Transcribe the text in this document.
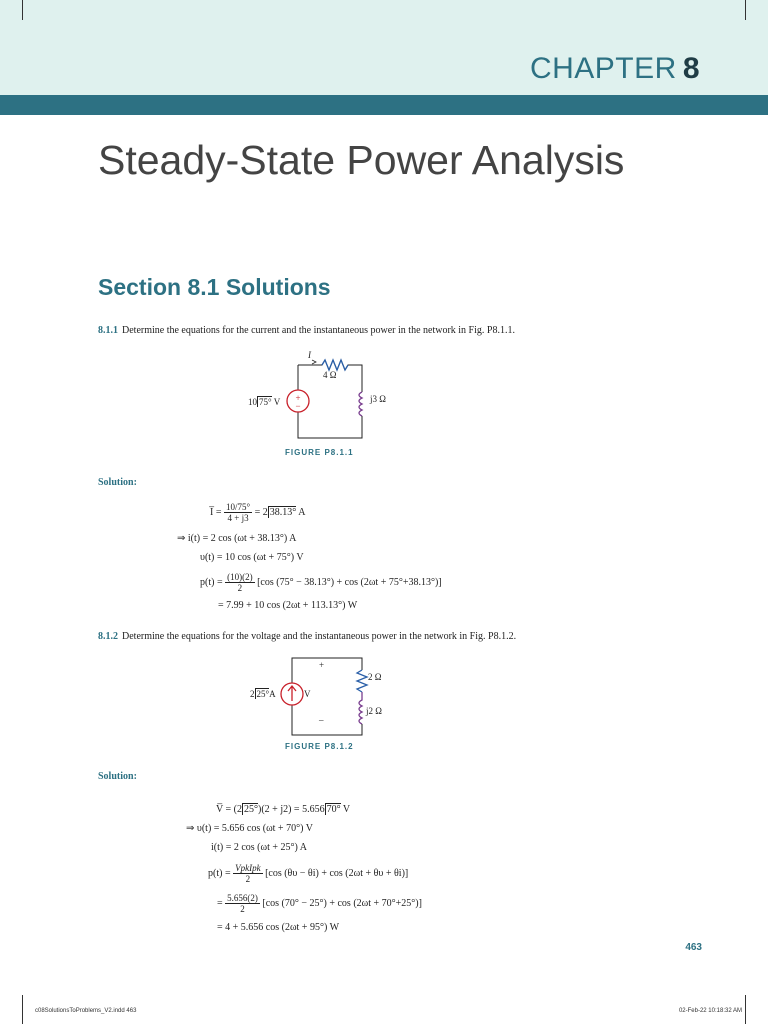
CHAPTER 8
Steady-State Power Analysis
Section 8.1 Solutions
8.1.1 Determine the equations for the current and the instantaneous power in the network in Fig. P8.1.1.
+
−
I
4 Ω
j3 Ω
10 75° V
FIGURE P8.1.1
Solution:
I̅ = $\frac{10/75^\circ}{4 + j3} = 2$ 38.13° A
⇒ i(t) = 2 cos (ωt + 38.13°) A
υ(t) = 10 cos (ωt + 75°) V
$p(t) = \frac{(10)(2)}{2} [\cos$ (75° − 38.13°) + cos (2ωt + 75°+38.13°)]
= 7.99 + 10 cos (2ωt + 113.13°) W
8.1.2 Determine the equations for the voltage and the instantaneous power in the network in Fig. P8.1.2.
+
–
V
2 Ω
j2 Ω
2 25°A
FIGURE P8.1.2
Solution:
V̅ = (2 25°)(2 + j2) = 5.656 70° V
⇒ υ(t) = 5.656 cos (ωt + 70°) V
i(t) = 2 cos (ωt + 25°) A
$p(t) = \frac{\text{VpkIpk}}{2} [\cos$ (θυ − θi) + cos (2ωt + θυ + θi)]
= $\frac{5.656(2)}{2} [\cos$ (70° − 25°) + cos (2ωt + 70°+25°)]
= 4 + 5.656 cos (2ωt + 95°) W
463
c08SolutionsToProblems_V2.indd 463	02-Feb-22 10:18:32 AM
